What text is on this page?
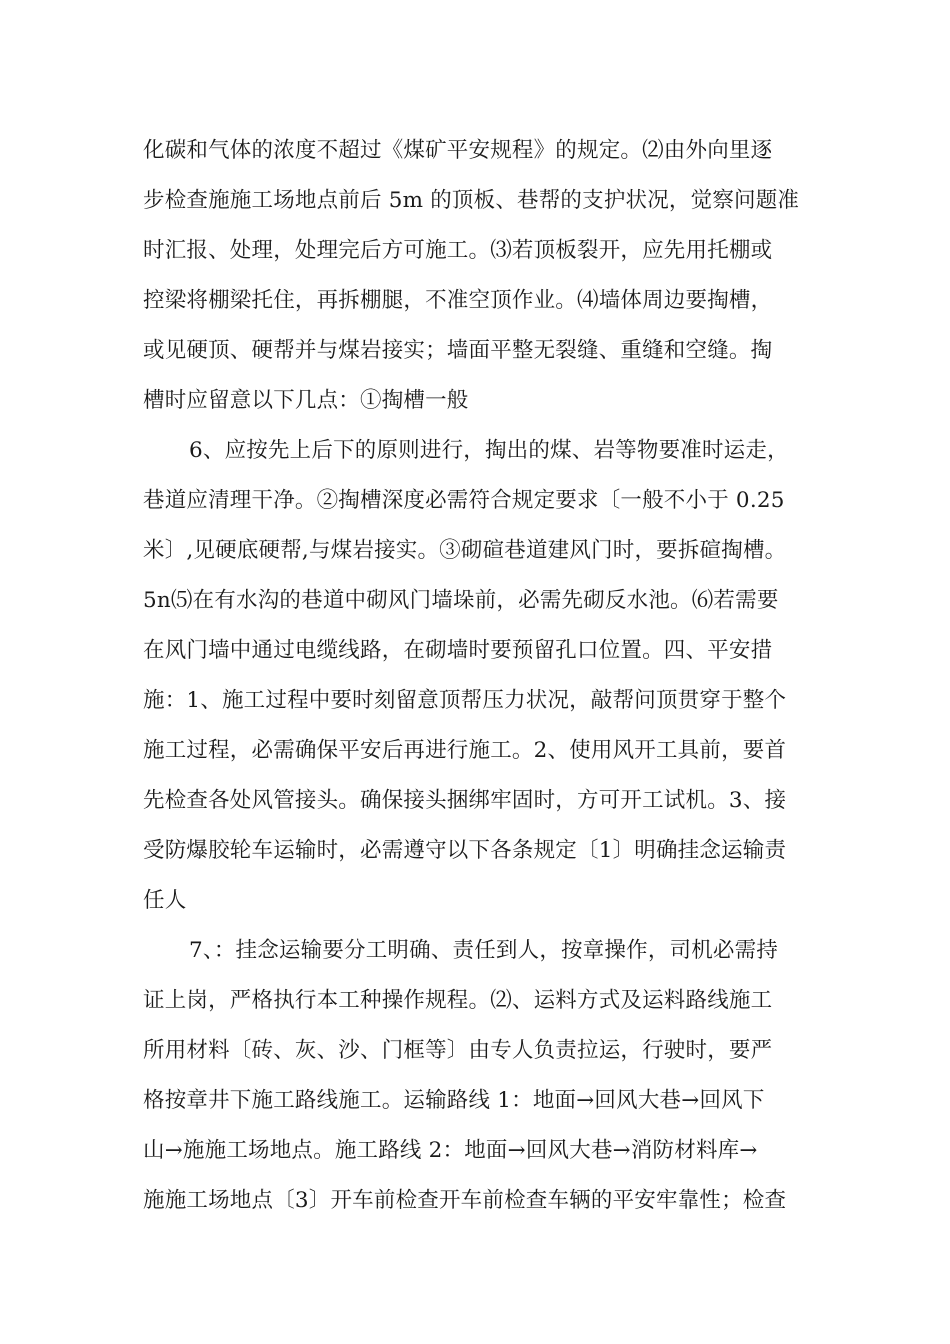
化碳和气体的浓度不超过《煤矿平安规程》的规定。⑵由外向里逐
步检查施施工场地点前后 5m 的顶板、巷帮的支护状况，觉察问题准
时汇报、处理，处理完后方可施工。⑶若顶板裂开，应先用托棚或
控梁将棚梁托住，再拆棚腿，不准空顶作业。⑷墙体周边要掏槽，
或见硬顶、硬帮并与煤岩接实；墙面平整无裂缝、重缝和空缝。掏
槽时应留意以下几点：①掏槽一般
6、应按先上后下的原则进行，掏出的煤、岩等物要准时运走，
巷道应清理干净。②掏槽深度必需符合规定要求〔一般不小于 0.25
米〕,见硬底硬帮,与煤岩接实。③砌碹巷道建风门时，要拆碹掏槽。
5n⑸在有水沟的巷道中砌风门墙垛前，必需先砌反水池。⑹若需要
在风门墙中通过电缆线路，在砌墙时要预留孔口位置。四、平安措
施：1、施工过程中要时刻留意顶帮压力状况，敲帮问顶贯穿于整个
施工过程，必需确保平安后再进行施工。2、使用风开工具前，要首
先检查各处风管接头。确保接头捆绑牢固时，方可开工试机。3、接
受防爆胶轮车运输时，必需遵守以下各条规定〔1〕明确挂念运输责
任人
7、：挂念运输要分工明确、责任到人，按章操作，司机必需持
证上岗，严格执行本工种操作规程。⑵、运料方式及运料路线施工
所用材料〔砖、灰、沙、门框等〕由专人负责拉运，行驶时，要严
格按章井下施工路线施工。运输路线 1：地面→回风大巷→回风下
山→施施工场地点。施工路线 2：地面→回风大巷→消防材料库→
施施工场地点〔3〕开车前检查开车前检查车辆的平安牢靠性；检查
